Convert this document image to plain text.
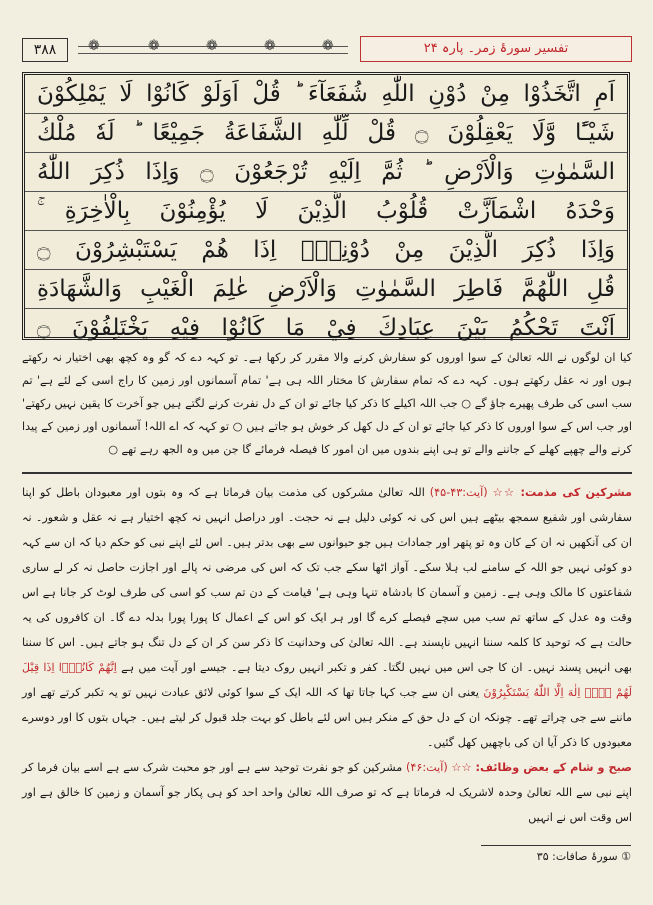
۳۸۸	❁	❁	❁	❁	❁	تفسیر سورۂ زمر۔ پارہ ۲۴
اَمِ اتَّخَذُوْا مِنْ دُوْنِ اللّٰهِ شُفَعَآءَ ؕ قُلْ اَوَلَوْ كَانُوْا لَا يَمْلِكُوْنَ
شَيْـًٔا وَّلَا يَعْقِلُوْنَ ۝ قُلْ لِّلّٰهِ الشَّفَاعَةُ جَمِيْعًا ؕ لَهٗ مُلْكُ
السَّمٰوٰتِ وَالْاَرْضِ ؕ ثُمَّ اِلَيْهِ تُرْجَعُوْنَ ۝ وَاِذَا ذُكِرَ اللّٰهُ
وَحْدَهُ اشْمَاَزَّتْ قُلُوْبُ الَّذِيْنَ لَا يُؤْمِنُوْنَ بِالْاٰخِرَةِ ۚ
وَاِذَا ذُكِرَ الَّذِيْنَ مِنْ دُوْنِهٖۤ اِذَا هُمْ يَسْتَبْشِرُوْنَ ۝
قُلِ اللّٰهُمَّ فَاطِرَ السَّمٰوٰتِ وَالْاَرْضِ عٰلِمَ الْغَيْبِ وَالشَّهَادَةِ
اَنْتَ تَحْكُمُ بَيْنَ عِبَادِكَ فِيْ مَا كَانُوْا فِيْهِ يَخْتَلِفُوْنَ ۝

کیا ان لوگوں نے اللہ تعالیٰ کے سوا اوروں کو سفارش کرنے والا مقرر کر رکھا ہے۔ تو کہہ دے کہ گو وہ کچھ بھی اختیار نہ رکھتے ہوں اور نہ عقل رکھتے ہوں۔ کہہ دے کہ تمام سفارش کا مختار اللہ ہی ہے' تمام آسمانوں اور زمین کا راج اسی کے لئے ہے' تم سب اسی کی طرف پھیرے جاؤ گے ○ جب اللہ اکیلے کا ذکر کیا جائے تو ان کے دل نفرت کرنے لگتے ہیں جو آخرت کا یقین نہیں رکھتے' اور جب اس کے سوا اوروں کا ذکر کیا جائے تو ان کے دل کھل کر خوش ہو جاتے ہیں ○ تو کہہ کہ اے اللہ! آسمانوں اور زمین کے پیدا کرنے والے چھپے کھلے کے جاننے والے تو ہی اپنے بندوں میں ان امور کا فیصلہ فرمائے گا جن میں وہ الجھ رہے تھے ○

مشرکین کی مذمت: ☆☆ (آیت:۴۳-۴۵) اللہ تعالیٰ مشرکوں کی مذمت بیان فرماتا ہے کہ وہ بتوں اور معبودان باطل کو اپنا سفارشی اور شفیع سمجھ بیٹھے ہیں اس کی نہ کوئی دلیل ہے نہ حجت۔ اور دراصل انہیں نہ کچھ اختیار ہے نہ عقل و شعور۔ نہ ان کی آنکھیں نہ ان کے کان وہ تو پتھر اور جمادات ہیں جو حیوانوں سے بھی بدتر ہیں۔ اس لئے اپنے نبی کو حکم دیا کہ ان سے کہہ دو کوئی نہیں جو اللہ کے سامنے لب ہلا سکے۔ آواز اٹھا سکے جب تک کہ اس کی مرضی نہ پالے اور اجازت حاصل نہ کر لے ساری شفاعتوں کا مالک وہی ہے۔ زمین و آسمان کا بادشاہ تنہا وہی ہے' قیامت کے دن تم سب کو اسی کی طرف لوٹ کر جانا ہے اس وقت وہ عدل کے ساتھ تم سب میں سچے فیصلے کرے گا اور ہر ایک کو اس کے اعمال کا پورا پورا بدلہ دے گا۔ ان کافروں کی یہ حالت ہے کہ توحید کا کلمہ سننا انہیں ناپسند ہے۔ اللہ تعالیٰ کی وحدانیت کا ذکر سن کر ان کے دل تنگ ہو جاتے ہیں۔ اس کا سننا بھی انہیں پسند نہیں۔ ان کا جی اس میں نہیں لگتا۔ کفر و تکبر انہیں روک دیتا ہے۔ جیسے اور آیت میں ہے اِنَّهُمْ كَانُوْۤا اِذَا قِيْلَ لَهُمْ لَاۤ اِلٰهَ اِلَّا اللّٰهُ يَسْتَكْبِرُوْنَ یعنی ان سے جب کہا جاتا تھا کہ اللہ ایک کے سوا کوئی لائق عبادت نہیں تو یہ تکبر کرتے تھے اور ماننے سے جی چراتے تھے۔ چونکہ ان کے دل حق کے منکر ہیں اس لئے باطل کو بہت جلد قبول کر لیتے ہیں۔ جہاں بتوں کا اور دوسرے معبودوں کا ذکر آیا ان کی باچھیں کھل گئیں۔

صبح و شام کے بعض وظائف: ☆☆ (آیت:۴۶) مشرکین کو جو نفرت توحید سے ہے اور جو محبت شرک سے ہے اسے بیان فرما کر اپنے نبی سے اللہ تعالیٰ وحدہ لاشریک لہ فرماتا ہے کہ تو صرف اللہ تعالیٰ واحد احد کو ہی پکار جو آسمان و زمین کا خالق ہے اور اس وقت اس نے انہیں

① سورۂ صافات: ۳۵
